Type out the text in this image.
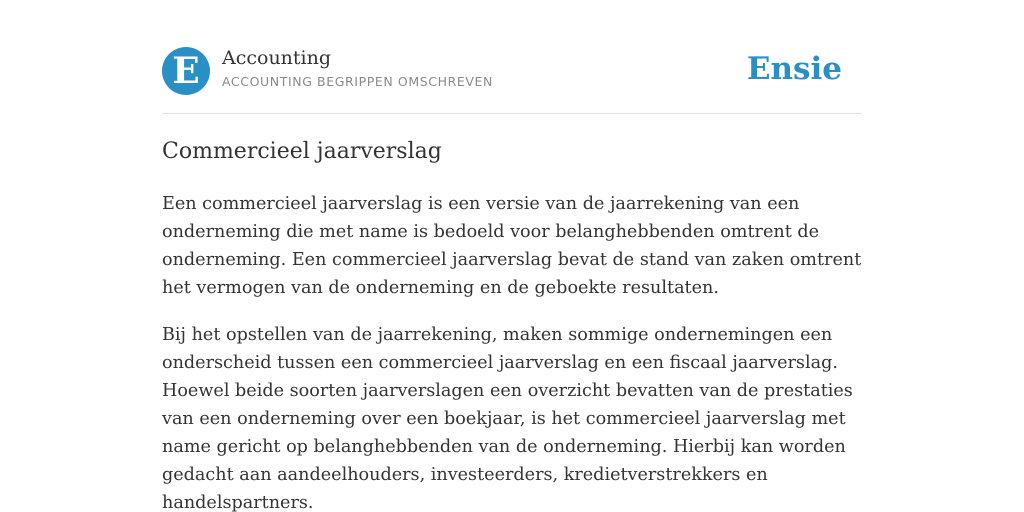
E	Accounting
ACCOUNTING BEGRIPPEN OMSCHREVEN	Ensie
Commercieel jaarverslag

Een commercieel jaarverslag is een versie van de jaarrekening van een onderneming die met name is bedoeld voor belanghebbenden omtrent de onderneming. Een commercieel jaarverslag bevat de stand van zaken omtrent het vermogen van de onderneming en de geboekte resultaten.

Bij het opstellen van de jaarrekening, maken sommige ondernemingen een onderscheid tussen een commercieel jaarverslag en een fiscaal jaarverslag. Hoewel beide soorten jaarverslagen een overzicht bevatten van de prestaties van een onderneming over een boekjaar, is het commercieel jaarverslag met name gericht op belanghebbenden van de onderneming. Hierbij kan worden gedacht aan aandeelhouders, investeerders, kredietverstrekkers en handelspartners.
